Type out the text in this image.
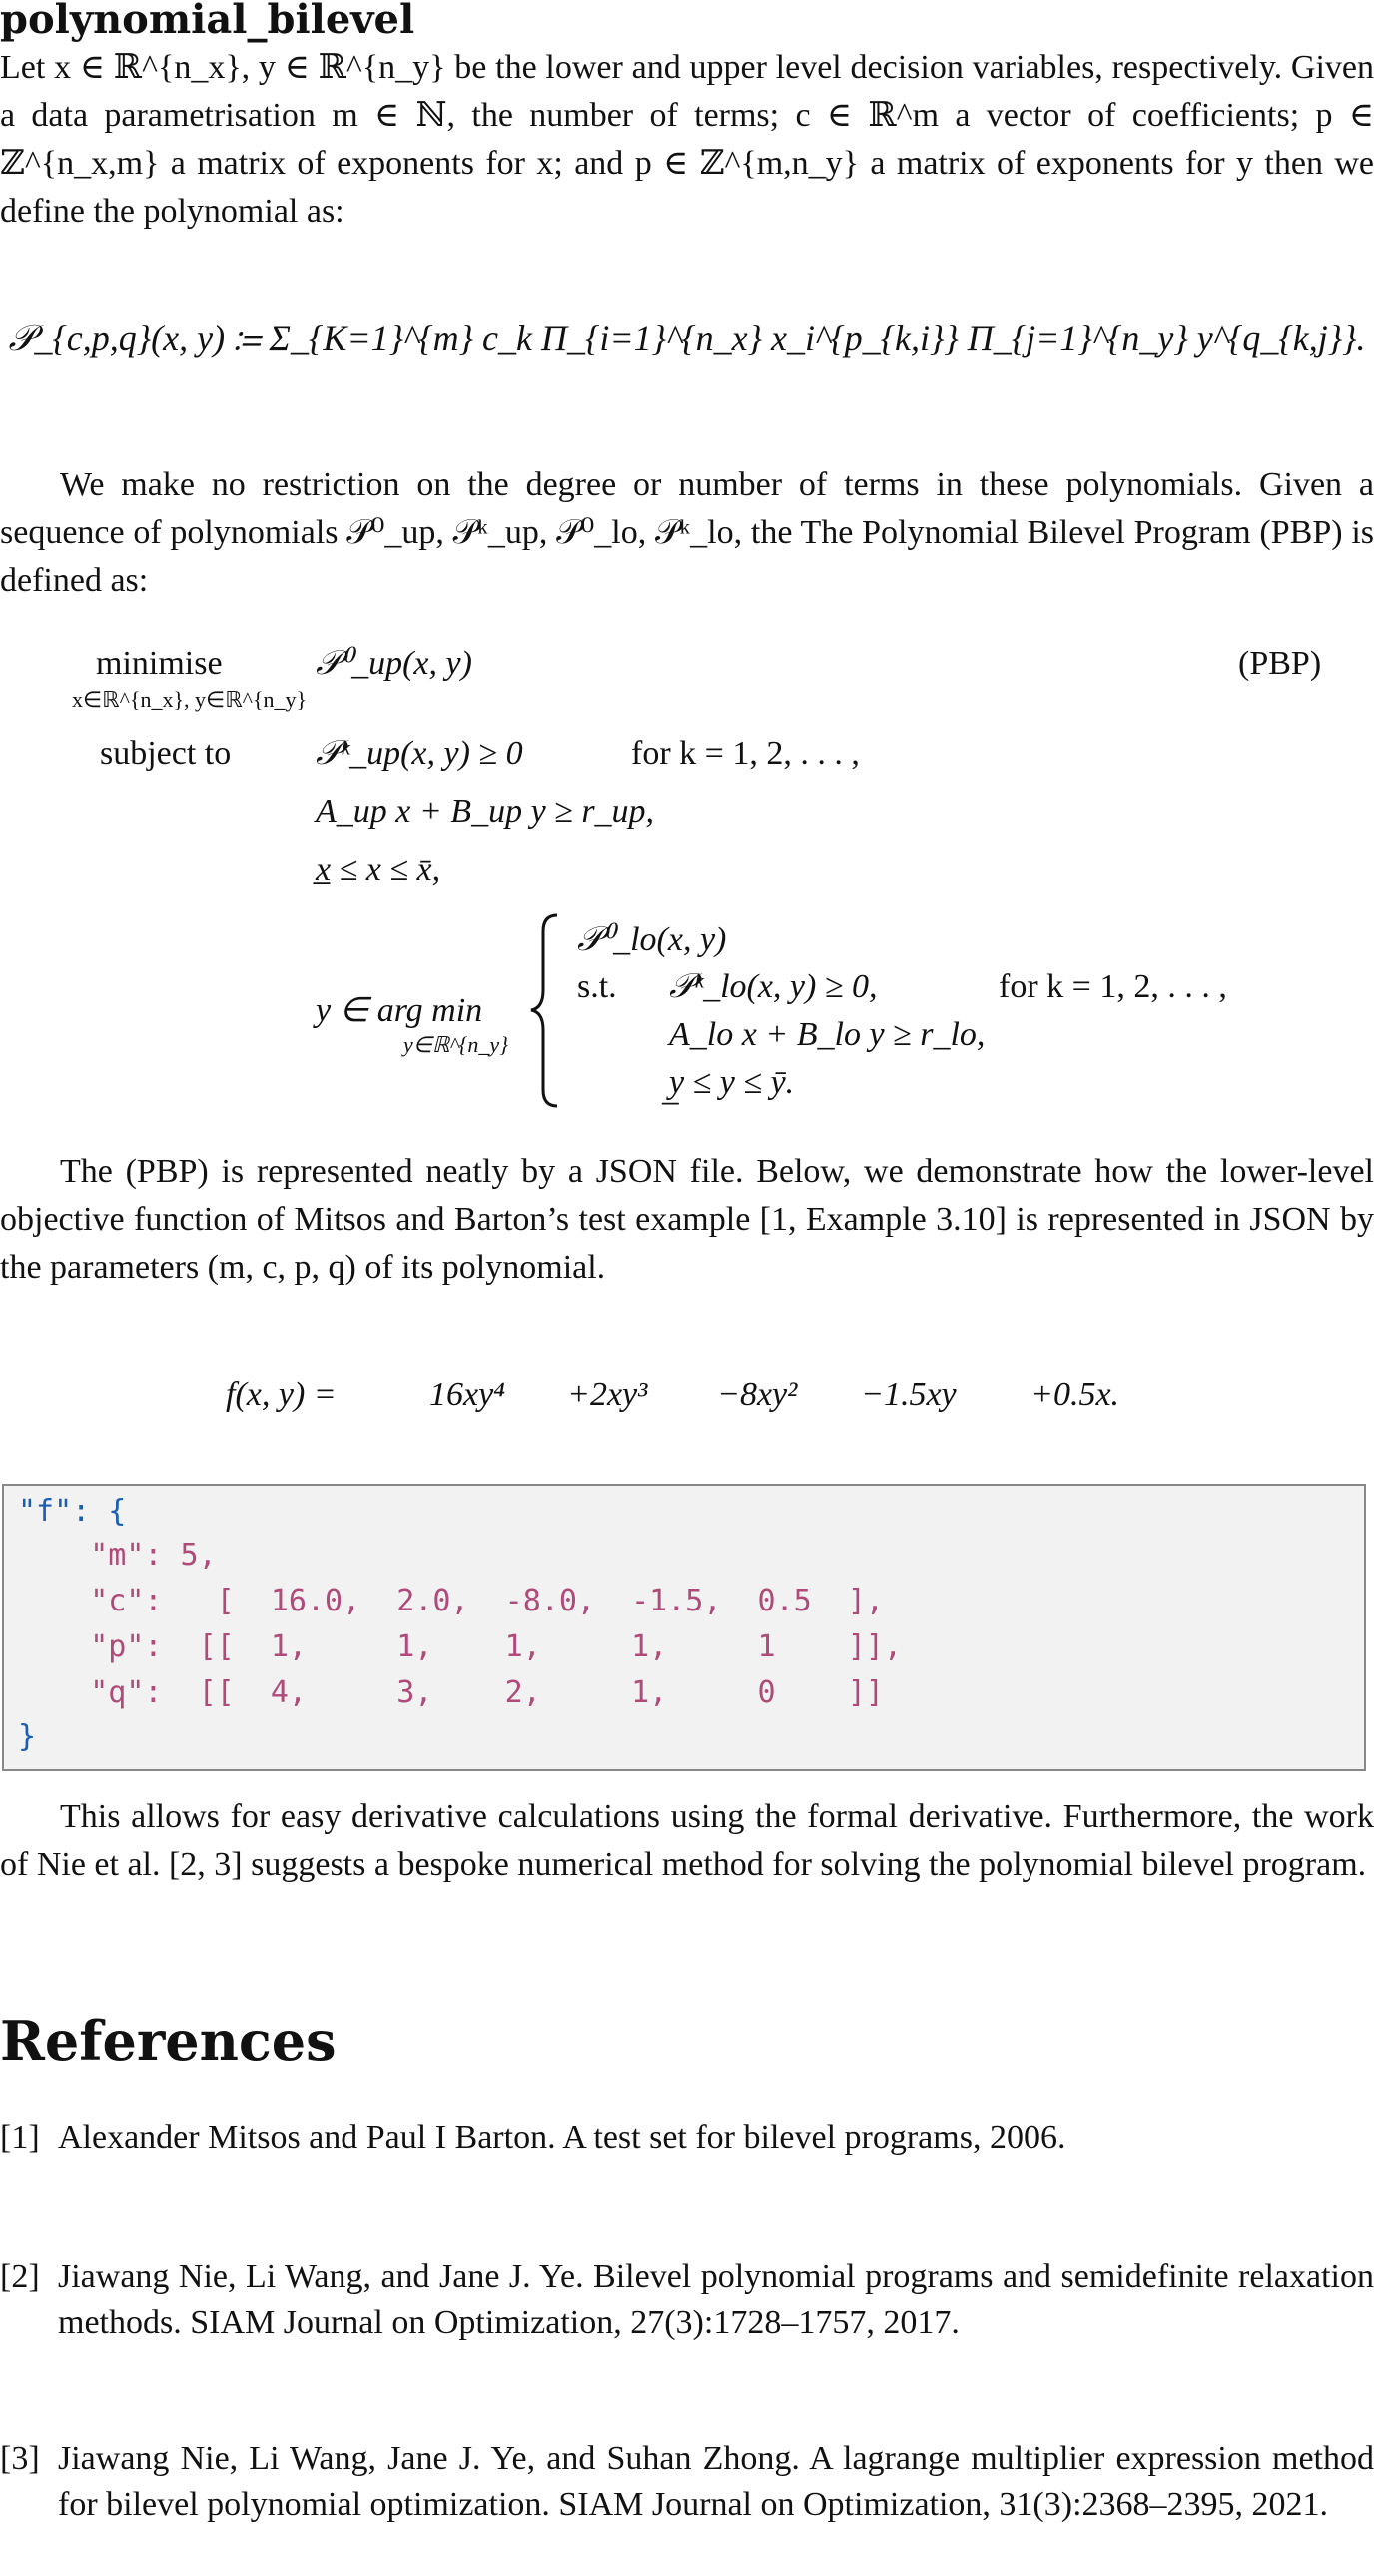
polynomial_bilevel

Let x ∈ ℝ^{n_x}, y ∈ ℝ^{n_y} be the lower and upper level decision variables, respectively. Given a data parametrisation m ∈ ℕ, the number of terms; c ∈ ℝ^m a vector of coefficients; p ∈ ℤ^{n_x,m} a matrix of exponents for x; and p ∈ ℤ^{m,n_y} a matrix of exponents for y then we define the polynomial as:

𝒫_{c,p,q}(x, y) ≔ Σ_{K=1}^{m} c_k Π_{i=1}^{n_x} x_i^{p_{k,i}} Π_{j=1}^{n_y} y^{q_{k,j}}.

We make no restriction on the degree or number of terms in these polynomials. Given a sequence of polynomials 𝒫⁰_up, 𝒫ᵏ_up, 𝒫⁰_lo, 𝒫ᵏ_lo, the The Polynomial Bilevel Program (PBP) is defined as:

minimise
x∈ℝ^{n_x}, y∈ℝ^{n_y}
𝒫⁰_up(x, y)	(PBP)
subject to 𝒫ᵏ_up(x, y) ≥ 0	for k = 1, 2, . . . ,
A_up x + B_up y ≥ r_up,
x̲ ≤ x ≤ x̄,
y ∈ arg min
y∈ℝ^{n_y}
𝒫⁰_lo(x, y)
s.t. 𝒫ᵏ_lo(x, y) ≥ 0,	for k = 1, 2, . . . ,
A_lo x + B_lo y ≥ r_lo,
y̲ ≤ y ≤ ȳ.

The (PBP) is represented neatly by a JSON file. Below, we demonstrate how the lower-level objective function of Mitsos and Barton’s test example [1, Example 3.10] is represented in JSON by the parameters (m, c, p, q) of its polynomial.

f(x, y) =	16xy⁴ +2xy³ −8xy² −1.5xy +0.5x.
"f": {
"m": 5,
"c":   [  16.0,  2.0,  -8.0,  -1.5,  0.5  ],
"p":  [[  1,     1,    1,     1,     1    ]],
"q":  [[  4,     3,    2,     1,     0    ]]
}

This allows for easy derivative calculations using the formal derivative. Furthermore, the work of Nie et al. [2, 3] suggests a bespoke numerical method for solving the polynomial bilevel program.

References
[1] Alexander Mitsos and Paul I Barton. A test set for bilevel programs, 2006.
[2] Jiawang Nie, Li Wang, and Jane J. Ye. Bilevel polynomial programs and semidefinite relaxation methods. SIAM Journal on Optimization, 27(3):1728–1757, 2017.
[3] Jiawang Nie, Li Wang, Jane J. Ye, and Suhan Zhong. A lagrange multiplier expression method for bilevel polynomial optimization. SIAM Journal on Optimization, 31(3):2368–2395, 2021.
